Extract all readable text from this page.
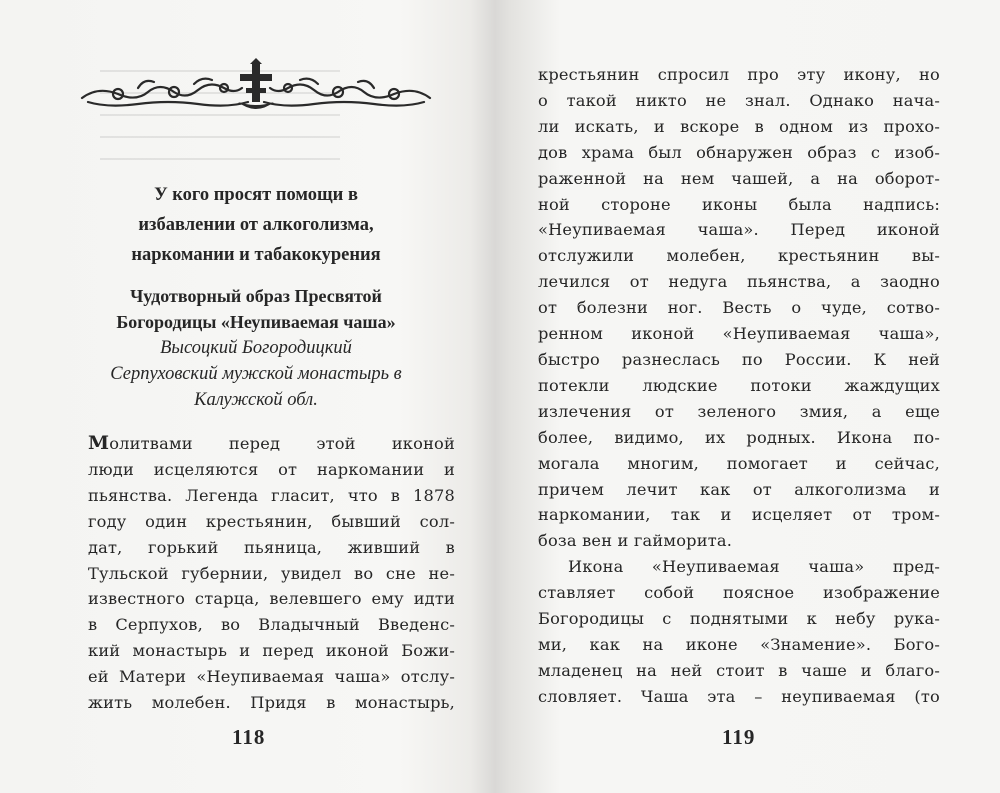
У кого просят помощи в
избавлении от алкоголизма,
наркомании и табакокурения
Чудотворный образ Пресвятой
Богородицы «Неупиваемая чаша»

Высоцкий Богородицкий
Серпуховский мужской монастырь в
Калужской обл.

Молитвами перед этой иконой
люди исцеляются от наркомании и
пьянства. Легенда гласит, что в 1878
году один крестьянин, бывший сол-
дат, горький пьяница, живший в
Тульской губернии, увидел во сне не-
известного старца, велевшего ему идти
в Серпухов, во Владычный Введенс-
кий монастырь и перед иконой Божи-
ей Матери «Неупиваемая чаша» отслу-
жить молебен. Придя в монастырь,
118
крестьянин спросил про эту икону, но
о такой никто не знал. Однако нача-
ли искать, и вскоре в одном из прохо-
дов храма был обнаружен образ с изоб-
раженной на нем чашей, а на оборот-
ной стороне иконы была надпись:
«Неупиваемая чаша». Перед иконой
отслужили молебен, крестьянин вы-
лечился от недуга пьянства, а заодно
от болезни ног. Весть о чуде, сотво-
ренном иконой «Неупиваемая чаша»,
быстро разнеслась по России. К ней
потекли людские потоки жаждущих
излечения от зеленого змия, а еще
более, видимо, их родных. Икона по-
могала многим, помогает и сейчас,
причем лечит как от алкоголизма и
наркомании, так и исцеляет от тром-
боза вен и гайморита.
Икона «Неупиваемая чаша» пред-
ставляет собой поясное изображение
Богородицы с поднятыми к небу рука-
ми, как на иконе «Знамение». Бого-
младенец на ней стоит в чаше и благо-
словляет. Чаша эта – неупиваемая (то
119
